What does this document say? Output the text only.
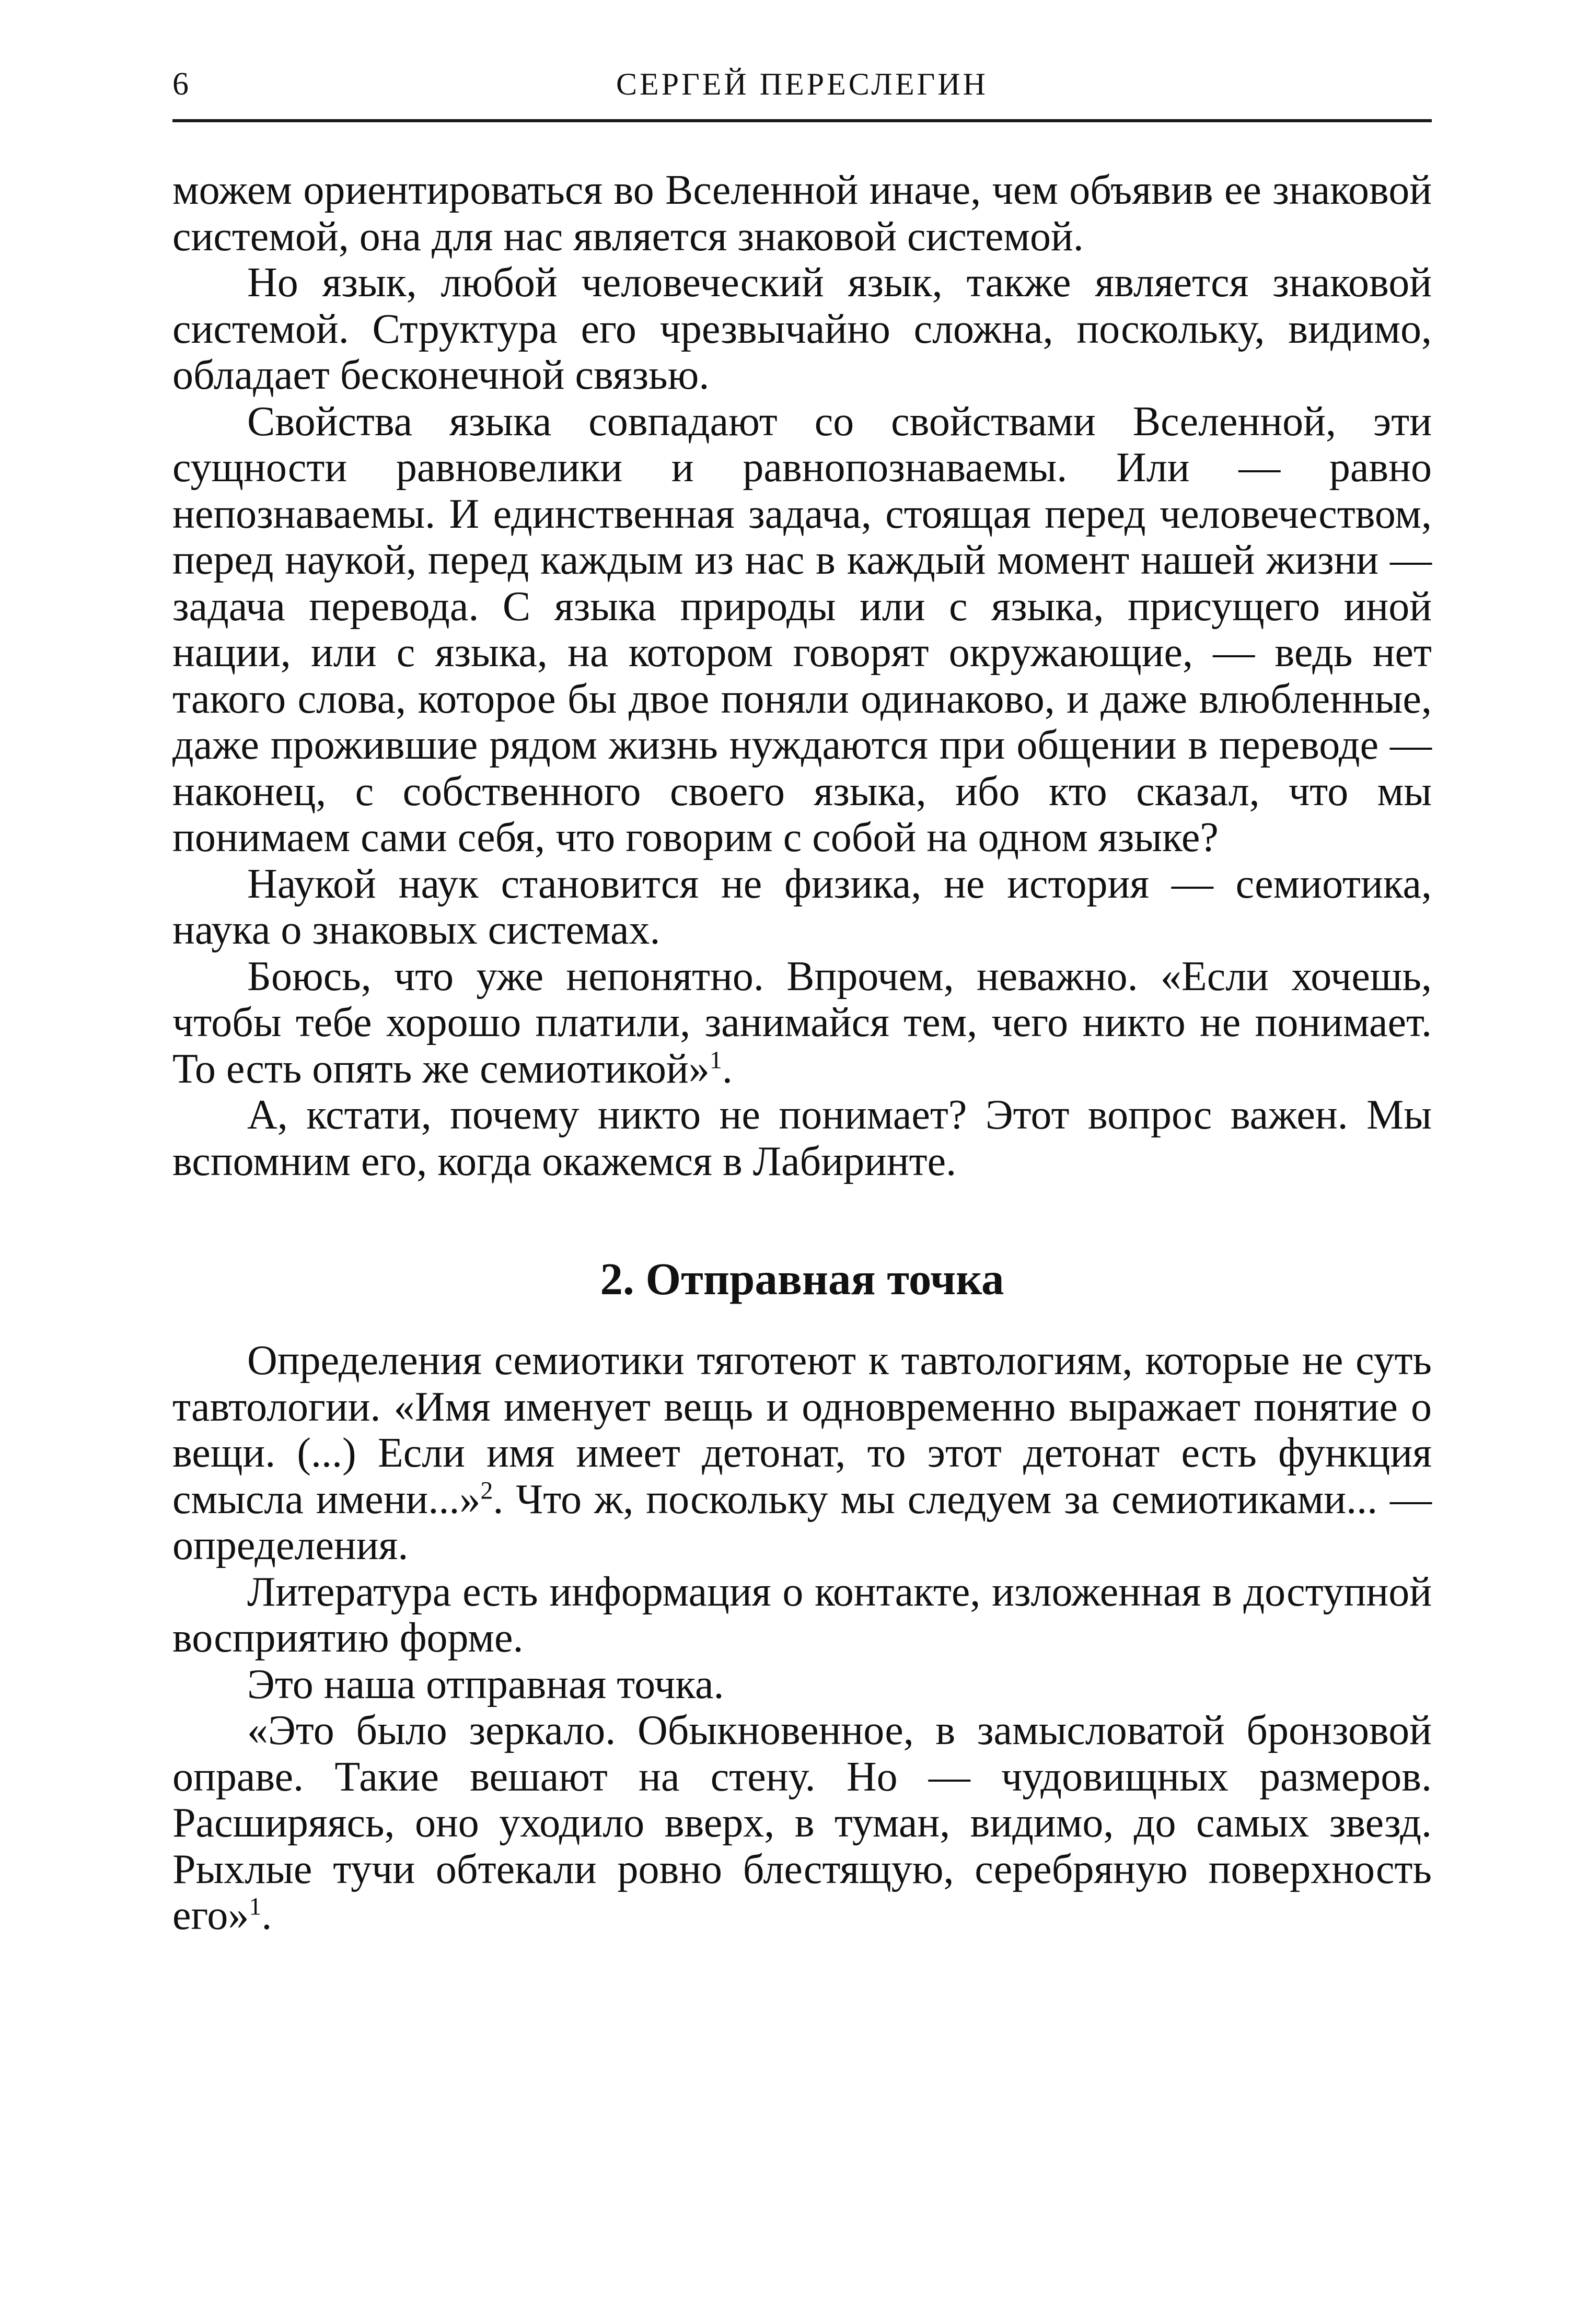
6	СЕРГЕЙ ПЕРЕСЛЕГИН

можем ориентироваться во Вселенной иначе, чем объявив ее знаковой системой, она для нас является знаковой системой.

Но язык, любой человеческий язык, также является знаковой системой. Структура его чрезвычайно сложна, поскольку, видимо, обладает бесконечной связью.

Свойства языка совпадают со свойствами Вселенной, эти сущности равновелики и равнопознаваемы. Или — равно непознаваемы. И единственная задача, стоящая перед человечеством, перед наукой, перед каждым из нас в каждый момент нашей жизни — задача перевода. С языка природы или с языка, присущего иной нации, или с языка, на котором говорят окружающие, — ведь нет такого слова, которое бы двое поняли одинаково, и даже влюбленные, даже прожившие рядом жизнь нуждаются при общении в переводе — наконец, с собственного своего языка, ибо кто сказал, что мы понимаем сами себя, что говорим с собой на одном языке?

Наукой наук становится не физика, не история — семиотика, наука о знаковых системах.

Боюсь, что уже непонятно. Впрочем, неважно. «Если хочешь, чтобы тебе хорошо платили, занимайся тем, чего никто не понимает. То есть опять же семиотикой»$^1$.

А, кстати, почему никто не понимает? Этот вопрос важен. Мы вспомним его, когда окажемся в Лабиринте.

2. Отправная точка

Определения семиотики тяготеют к тавтологиям, которые не суть тавтологии. «Имя именует вещь и одновременно выражает понятие о вещи. (...) Если имя имеет детонат, то этот детонат есть функция смысла имени...»$^2$. Что ж, поскольку мы следуем за семиотиками... — определения.

Литература есть информация о контакте, изложенная в доступной восприятию форме.

Это наша отправная точка.

«Это было зеркало. Обыкновенное, в замысловатой бронзовой оправе. Такие вешают на стену. Но — чудовищных размеров. Расширяясь, оно уходило вверх, в туман, видимо, до самых звезд. Рыхлые тучи обтекали ровно блестящую, серебряную поверхность его»$^1$.
